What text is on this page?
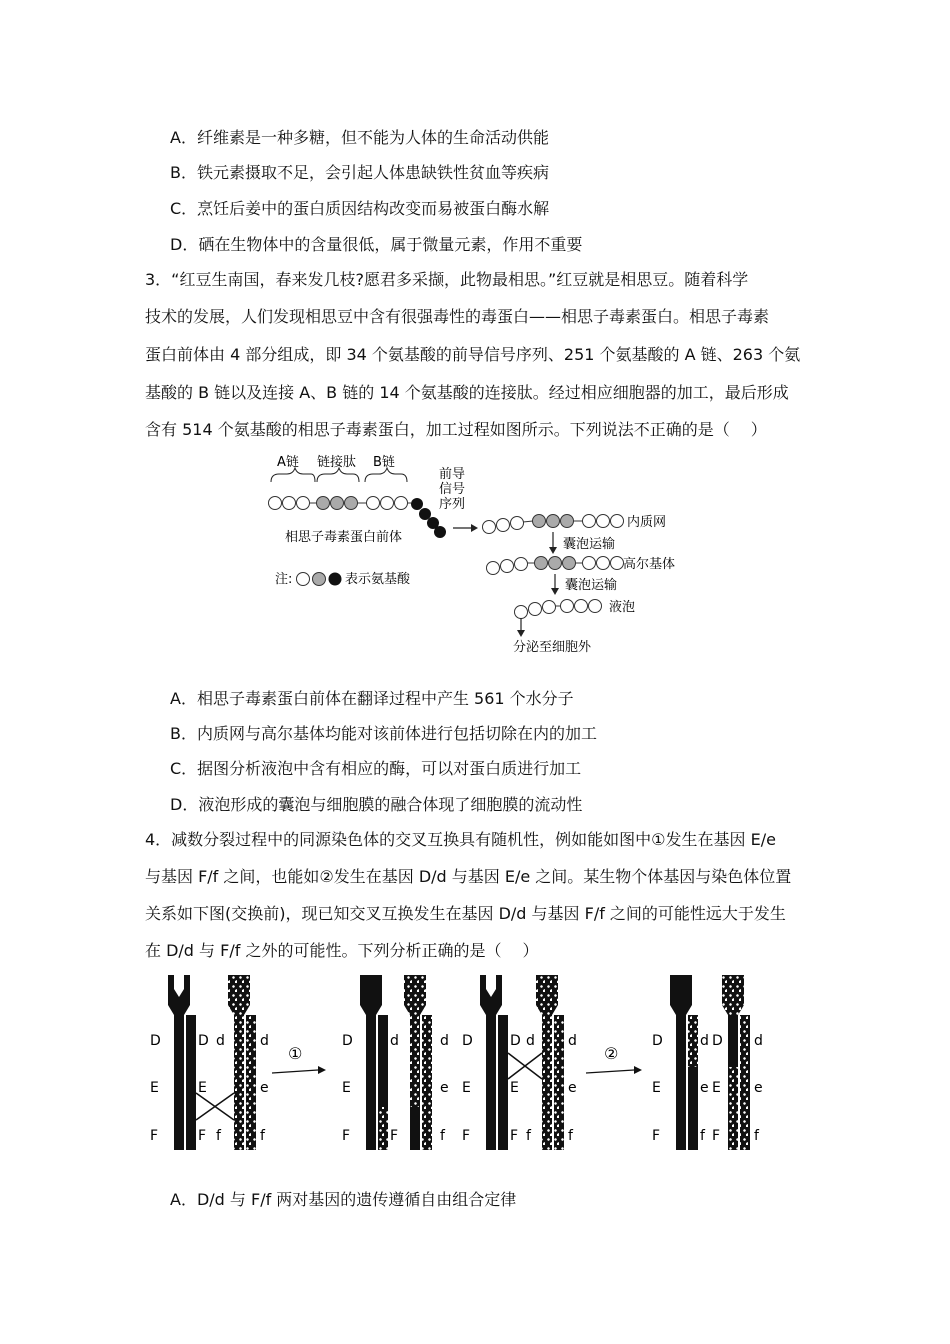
A．纤维素是一种多糖，但不能为人体的生命活动供能
B．铁元素摄取不足，会引起人体患缺铁性贫血等疾病
C．烹饪后姜中的蛋白质因结构改变而易被蛋白酶水解
D．硒在生物体中的含量很低，属于微量元素，作用不重要
3．“红豆生南国，春来发几枝?愿君多采撷，此物最相思。”红豆就是相思豆。随着科学
技术的发展，人们发现相思豆中含有很强毒性的毒蛋白——相思子毒素蛋白。相思子毒素
蛋白前体由 4 部分组成，即 34 个氨基酸的前导信号序列、251 个氨基酸的 A 链、263 个氨
基酸的 B 链以及连接 A、B 链的 14 个氨基酸的连接肽。经过相应细胞器的加工，最后形成
含有 514 个氨基酸的相思子毒素蛋白，加工过程如图所示。下列说法不正确的是（　 ）
A链 链接肽 B链
前导
信号
序列
相思子毒素蛋白前体
内质网
囊泡运输
高尔基体
囊泡运输
液泡
分泌至细胞外
注:	表示氨基酸
A．相思子毒素蛋白前体在翻译过程中产生 561 个水分子
B．内质网与高尔基体均能对该前体进行包括切除在内的加工
C．据图分析液泡中含有相应的酶，可以对蛋白质进行加工
D．液泡形成的囊泡与细胞膜的融合体现了细胞膜的流动性
4．减数分裂过程中的同源染色体的交叉互换具有随机性，例如能如图中①发生在基因 E/e
与基因 F/f 之间，也能如②发生在基因 D/d 与基因 E/e 之间。某生物个体基因与染色体位置
关系如下图(交换前)，现已知交叉互换发生在基因 D/d 与基因 F/f 之间的可能性远大于发生
在 D/d 与 F/f 之外的可能性。下列分析正确的是（　 ）
D	D d	d
E	E	e
F	F f	f
①
D	d	d
E	e
F	F	f
D	D d d
E	E	e
F	F f	f
②
D	d D d
E	e E e
F	f F f
A．D/d 与 F/f 两对基因的遗传遵循自由组合定律
